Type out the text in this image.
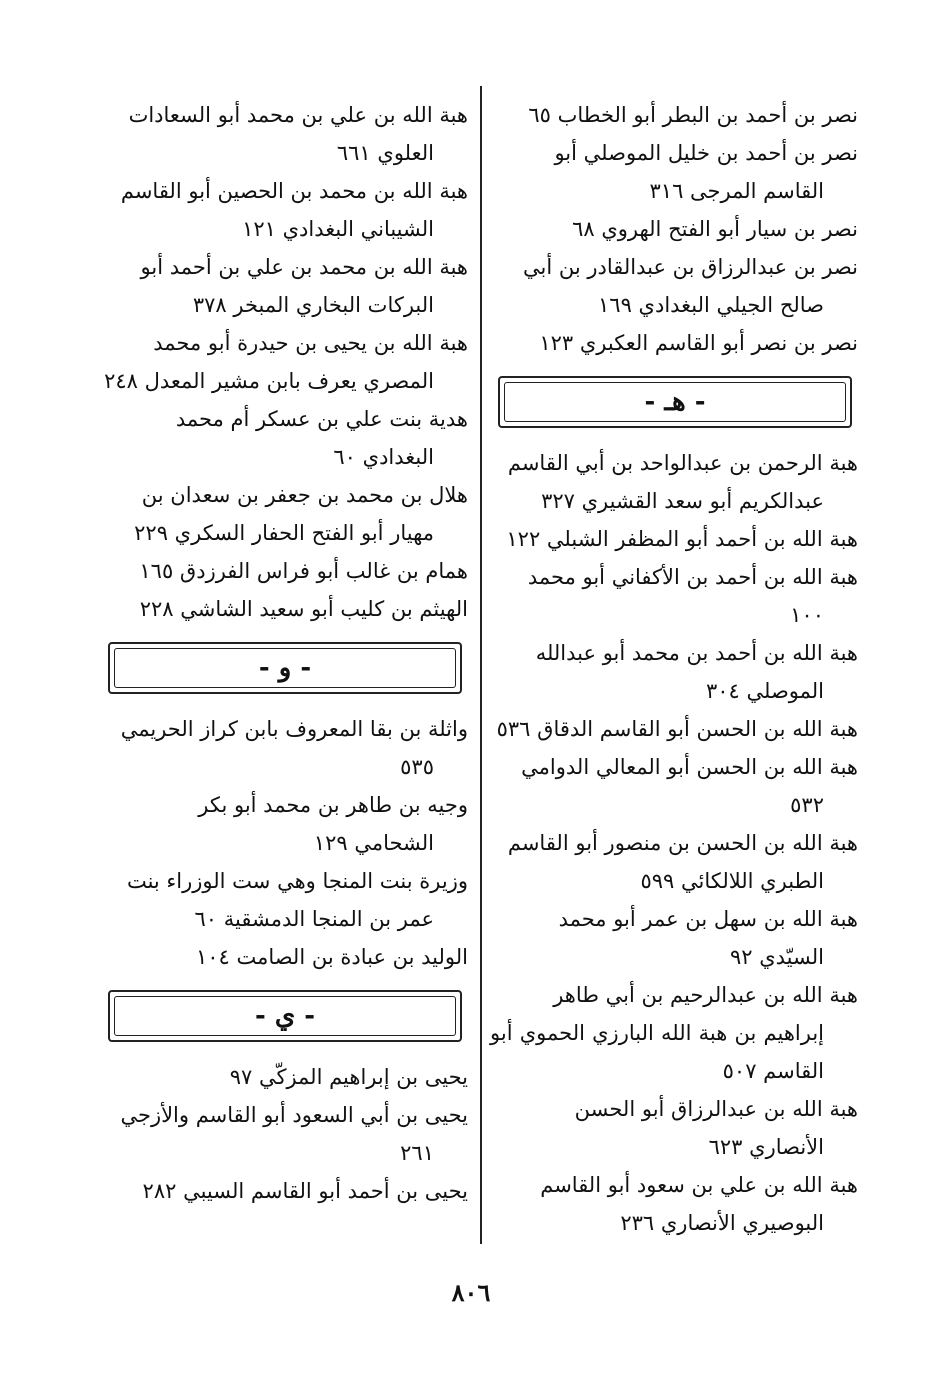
نصر بن أحمد بن البطر أبو الخطاب ٦٥
نصر بن أحمد بن خليل الموصلي أبو
القاسم المرجى ٣١٦
نصر بن سيار أبو الفتح الهروي ٦٨
نصر بن عبدالرزاق بن عبدالقادر بن أبي
صالح الجيلي البغدادي ١٦٩
نصر بن نصر أبو القاسم العكبري ١٢٣
- هـ -
هبة الرحمن بن عبدالواحد بن أبي القاسم
عبدالكريم أبو سعد القشيري ٣٢٧
هبة الله بن أحمد أبو المظفر الشبلي ١٢٢
هبة الله بن أحمد بن الأكفاني أبو محمد
١٠٠
هبة الله بن أحمد بن محمد أبو عبدالله
الموصلي ٣٠٤
هبة الله بن الحسن أبو القاسم الدقاق ٥٣٦
هبة الله بن الحسن أبو المعالي الدوامي
٥٣٢
هبة الله بن الحسن بن منصور أبو القاسم
الطبري اللالكائي ٥٩٩
هبة الله بن سهل بن عمر أبو محمد
السيّدي ٩٢
هبة الله بن عبدالرحيم بن أبي طاهر
إبراهيم بن هبة الله البارزي الحموي أبو القاسم ٥٠٧
هبة الله بن عبدالرزاق أبو الحسن
الأنصاري ٦٢٣
هبة الله بن علي بن سعود أبو القاسم
البوصيري الأنصاري ٢٣٦
هبة الله بن علي بن محمد أبو السعادات
العلوي ٦٦١
هبة الله بن محمد بن الحصين أبو القاسم
الشيباني البغدادي ١٢١
هبة الله بن محمد بن علي بن أحمد أبو
البركات البخاري المبخر ٣٧٨
هبة الله بن يحيى بن حيدرة أبو محمد
المصري يعرف بابن مشير المعدل ٢٤٨
هدية بنت علي بن عسكر أم محمد
البغدادي ٦٠
هلال بن محمد بن جعفر بن سعدان بن
مهيار أبو الفتح الحفار السكري ٢٢٩
همام بن غالب أبو فراس الفرزدق ١٦٥
الهيثم بن كليب أبو سعيد الشاشي ٢٢٨
- و -
واثلة بن بقا المعروف بابن كراز الحريمي
٥٣٥
وجيه بن طاهر بن محمد أبو بكر
الشحامي ١٢٩
وزيرة بنت المنجا وهي ست الوزراء بنت
عمر بن المنجا الدمشقية ٦٠
الوليد بن عبادة بن الصامت ١٠٤
- ي -
يحيى بن إبراهيم المزكّي ٩٧
يحيى بن أبي السعود أبو القاسم والأزجي
٢٦١
يحيى بن أحمد أبو القاسم السيبي ٢٨٢
٨٠٦
